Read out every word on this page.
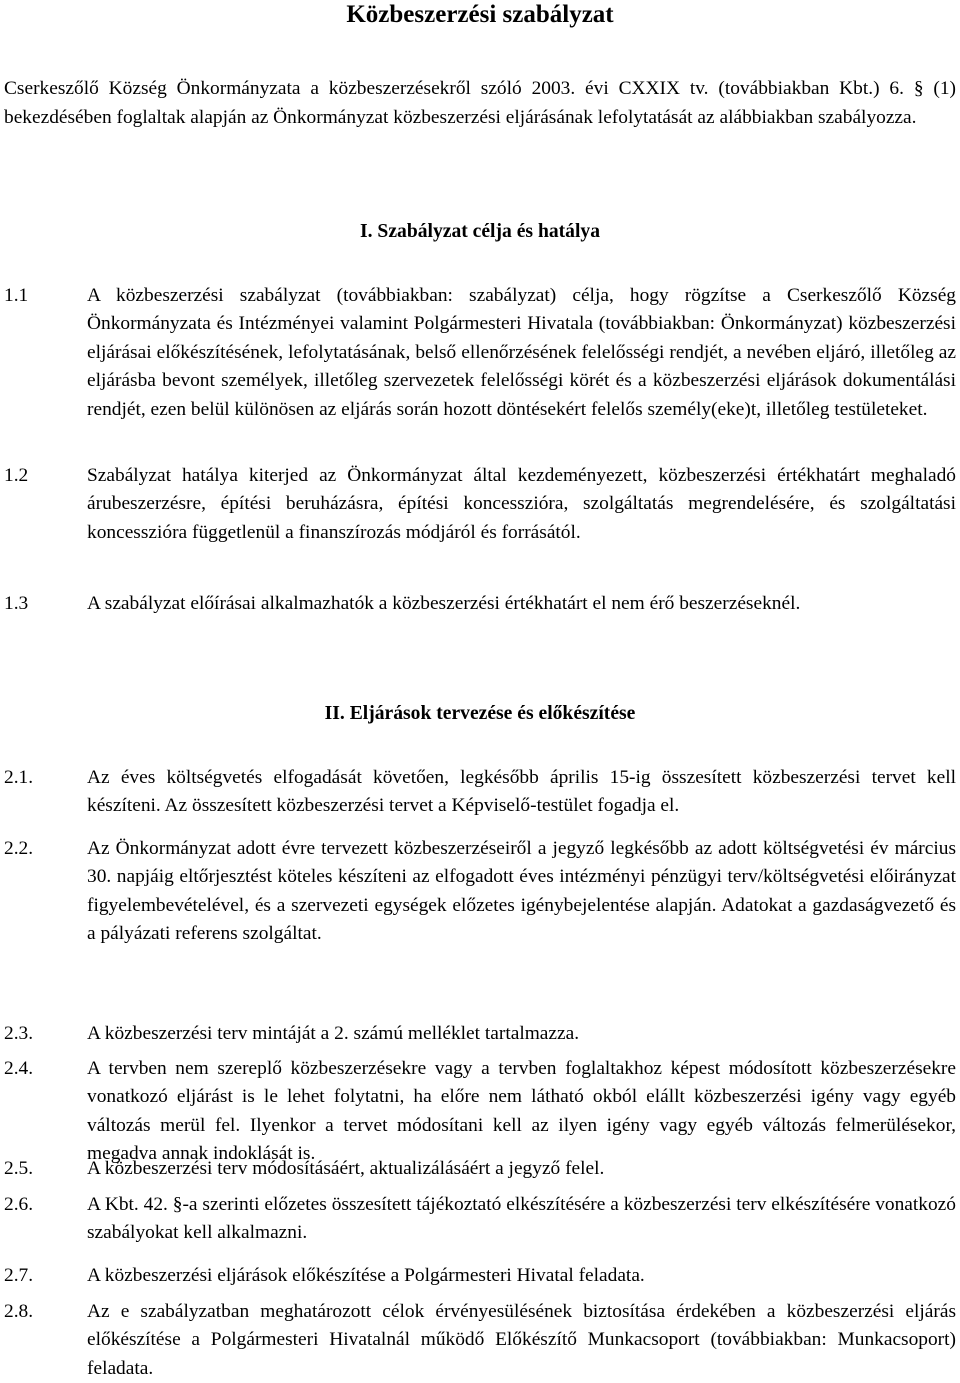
Közbeszerzési szabályzat

Cserkeszőlő Község Önkormányzata a közbeszerzésekről szóló 2003. évi CXXIX tv. (továbbiakban Kbt.) 6. § (1) bekezdésében foglaltak alapján az Önkormányzat közbeszerzési eljárásának lefolytatását az alábbiakban szabályozza.

I. Szabályzat célja és hatálya
1.1	A közbeszerzési szabályzat (továbbiakban: szabályzat) célja, hogy rögzítse a Cserkeszőlő Község Önkormányzata és Intézményei valamint Polgármesteri Hivatala (továbbiakban: Önkormányzat) közbeszerzési eljárásai előkészítésének, lefolytatásának, belső ellenőrzésének felelősségi rendjét, a nevében eljáró, illetőleg az eljárásba bevont személyek, illetőleg szervezetek felelősségi körét és a közbeszerzési eljárások dokumentálási rendjét, ezen belül különösen az eljárás során hozott döntésekért felelős személy(eke)t, illetőleg testületeket.
1.2	Szabályzat hatálya kiterjed az Önkormányzat által kezdeményezett, közbeszerzési értékhatárt meghaladó árubeszerzésre, építési beruházásra, építési koncesszióra, szolgáltatás megrendelésére, és szolgáltatási koncesszióra függetlenül a finanszírozás módjáról és forrásától.
1.3	A szabályzat előírásai alkalmazhatók a közbeszerzési értékhatárt el nem érő beszerzéseknél.
II. Eljárások tervezése és előkészítése
2.1.	Az éves költségvetés elfogadását követően, legkésőbb április 15-ig összesített közbeszerzési tervet kell készíteni. Az összesített közbeszerzési tervet a Képviselő-testület fogadja el.
2.2.	Az Önkormányzat adott évre tervezett közbeszerzéseiről a jegyző legkésőbb az adott költségvetési év március 30. napjáig eltőrjesztést köteles készíteni az elfogadott éves intézményi pénzügyi terv/költségvetési előirányzat figyelembevételével, és a szervezeti egységek előzetes igénybejelentése alapján. Adatokat a gazdaságvezető és a pályázati referens szolgáltat.
2.3.	A közbeszerzési terv mintáját a 2. számú melléklet tartalmazza.
2.4.	A tervben nem szereplő közbeszerzésekre vagy a tervben foglaltakhoz képest módosított közbeszerzésekre vonatkozó eljárást is le lehet folytatni, ha előre nem látható okból elállt közbeszerzési igény vagy egyéb változás merül fel. Ilyenkor a tervet módosítani kell az ilyen igény vagy egyéb változás felmerülésekor, megadva annak indoklását is.
2.5.	A közbeszerzési terv módosításáért, aktualizálásáért a jegyző felel.
2.6.	A Kbt. 42. §-a szerinti előzetes összesített tájékoztató elkészítésére a közbeszerzési terv elkészítésére vonatkozó szabályokat kell alkalmazni.
2.7.	A közbeszerzési eljárások előkészítése a Polgármesteri Hivatal feladata.
2.8.	Az e szabályzatban meghatározott célok érvényesülésének biztosítása érdekében a közbeszerzési eljárás előkészítése a Polgármesteri Hivatalnál működő Előkészítő Munkacsoport (továbbiakban: Munkacsoport) feladata.
